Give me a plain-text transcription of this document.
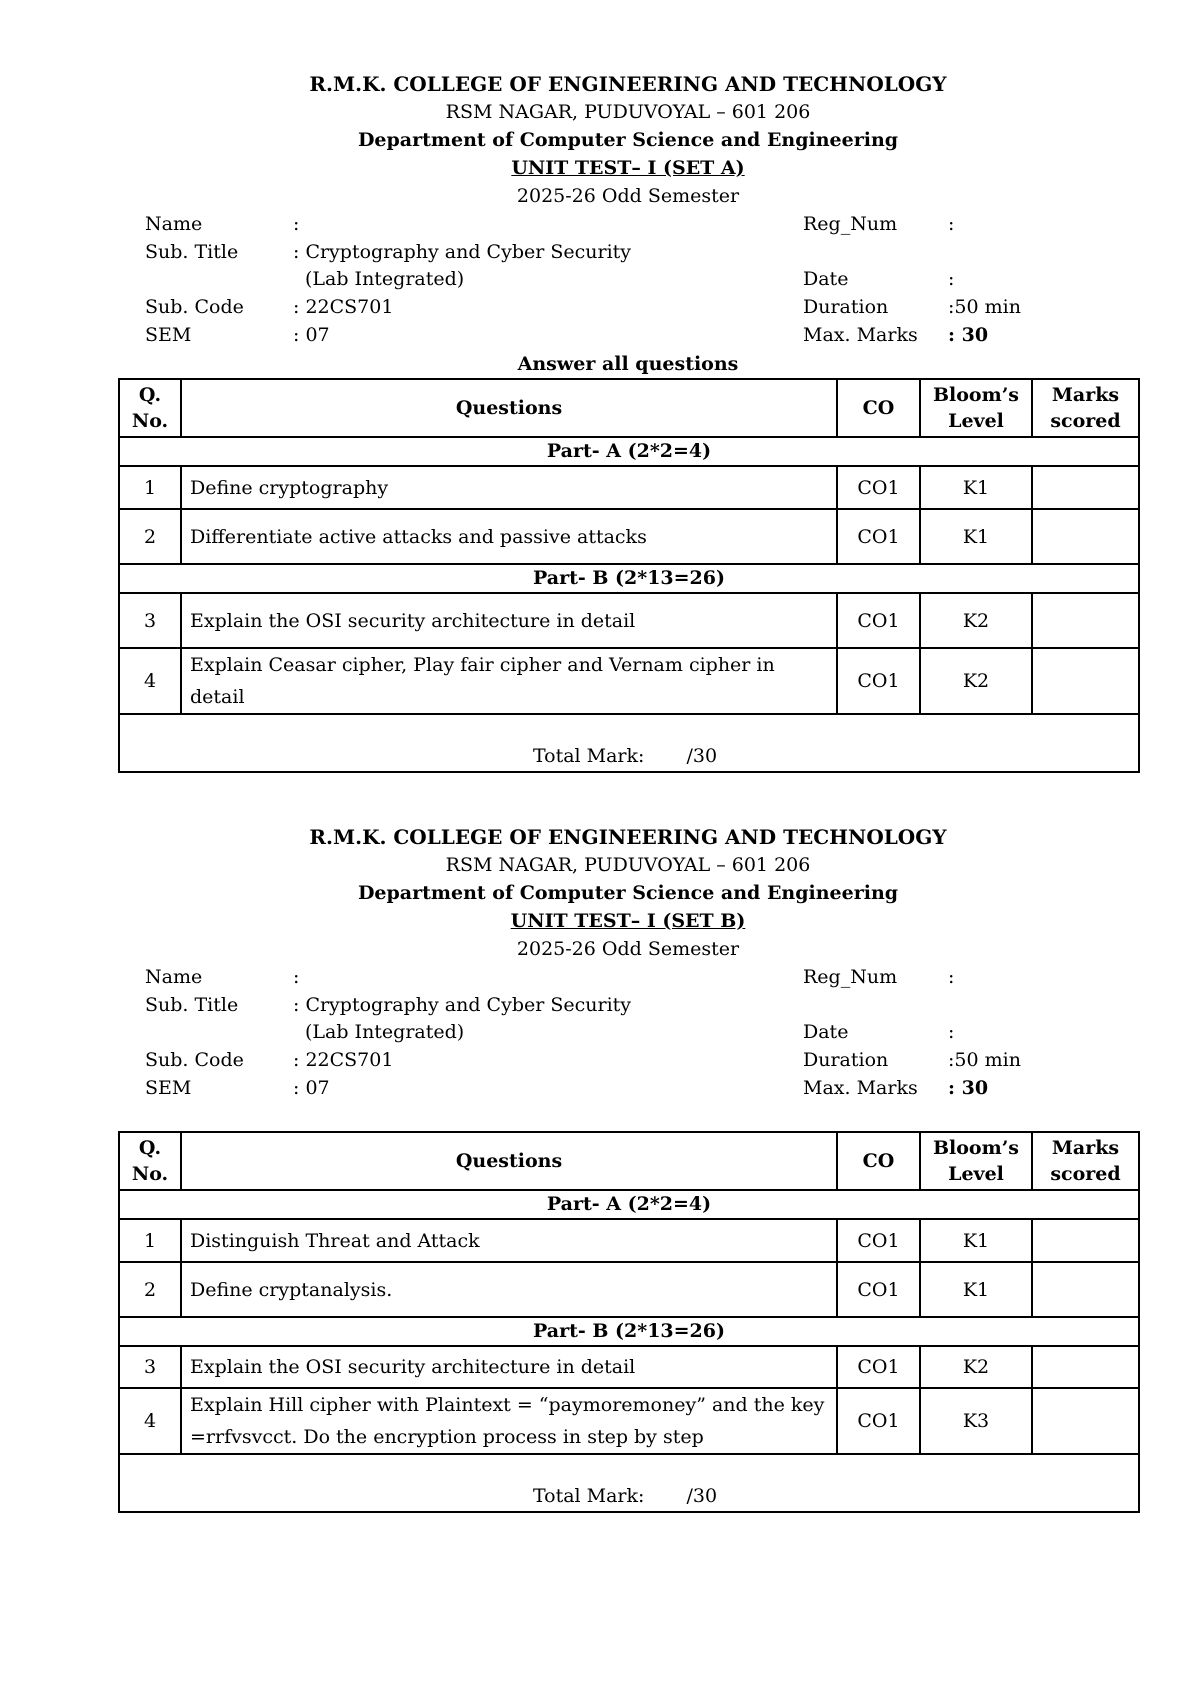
R.M.K. COLLEGE OF ENGINEERING AND TECHNOLOGY
RSM NAGAR, PUDUVOYAL – 601 206
Department of Computer Science and Engineering
UNIT TEST– I (SET A)
2025-26 Odd Semester
Name	:	Reg_Num	:
Sub. Title	: Cryptography and Cyber Security
(Lab Integrated)	Date	:
Sub. Code	: 22CS701	Duration	:50 min
SEM	: 07	Max. Marks : 30
Answer all questions
Q. No.	Questions	CO	Bloom’s Level	Marks scored
Part- A (2*2=4)				
1	Define cryptography	CO1	K1	
2	Differentiate active attacks and passive attacks	CO1	K1	
Part- B (2*13=26)				
3	Explain the OSI security architecture in detail	CO1	K2	
4	Explain Ceasar cipher, Play fair cipher and Vernam cipher in detail	CO1	K2	
Total Mark: /30				
R.M.K. COLLEGE OF ENGINEERING AND TECHNOLOGY
RSM NAGAR, PUDUVOYAL – 601 206
Department of Computer Science and Engineering
UNIT TEST– I (SET B)
2025-26 Odd Semester
Name	:	Reg_Num	:
Sub. Title	: Cryptography and Cyber Security
(Lab Integrated)	Date	:
Sub. Code	: 22CS701	Duration	:50 min
SEM	: 07	Max. Marks : 30
Q. No.	Questions	CO	Bloom’s Level	Marks scored
Part- A (2*2=4)				
1	Distinguish Threat and Attack	CO1	K1	
2	Define cryptanalysis.	CO1	K1	
Part- B (2*13=26)				
3	Explain the OSI security architecture in detail	CO1	K2	
4	Explain Hill cipher with Plaintext = “paymoremoney” and the key =rrfvsvcct. Do the encryption process in step by step	CO1	K3	
Total Mark: /30				
